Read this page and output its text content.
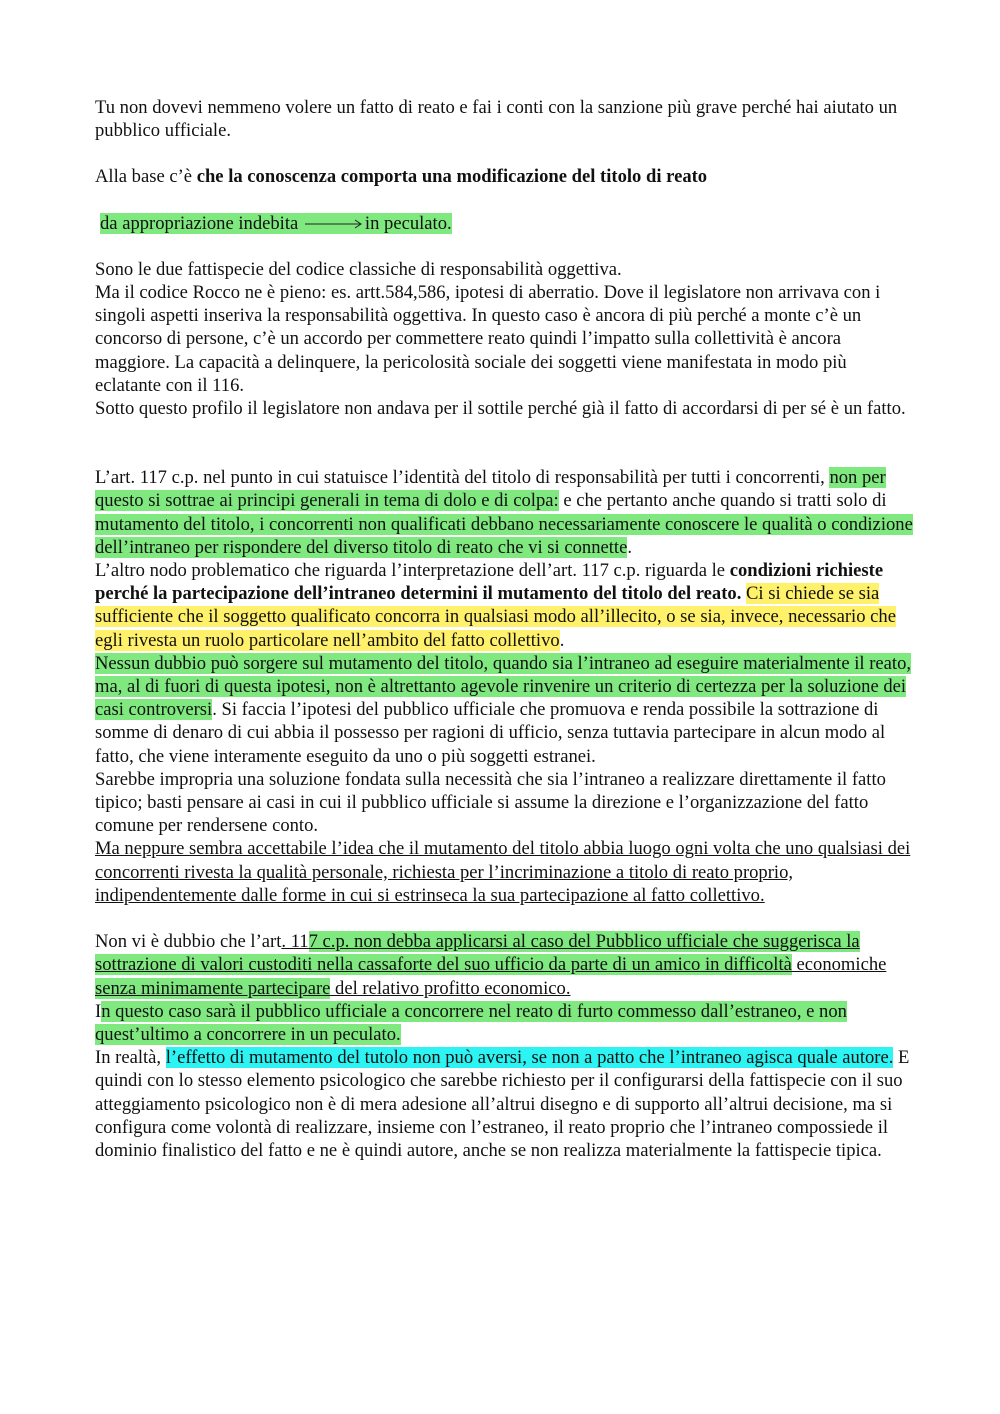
Tu non dovevi nemmeno volere un fatto di reato e fai i conti con la sanzione più grave perché hai aiutato un pubblico ufficiale.

Alla base c’è che la conoscenza comporta una modificazione del titolo di reato

da appropriazione indebita	in peculato.

Sono le due fattispecie del codice classiche di responsabilità oggettiva.

Ma il codice Rocco ne è pieno: es. artt.584,586, ipotesi di aberratio. Dove il legislatore non arrivava con i singoli aspetti inseriva la responsabilità oggettiva. In questo caso è ancora di più perché a monte c’è un concorso di persone, c’è un accordo per commettere reato quindi l’impatto sulla collettività è ancora maggiore. La capacità a delinquere, la pericolosità sociale dei soggetti viene manifestata in modo più eclatante con il 116.

Sotto questo profilo il legislatore non andava per il sottile perché già il fatto di accordarsi di per sé è un fatto.

L’art. 117 c.p. nel punto in cui statuisce l’identità del titolo di responsabilità per tutti i concorrenti, non per questo si sottrae ai principi generali in tema di dolo e di colpa: e che pertanto anche quando si tratti solo di mutamento del titolo, i concorrenti non qualificati debbano necessariamente conoscere le qualità o condizione dell’intraneo per rispondere del diverso titolo di reato che vi si connette.

L’altro nodo problematico che riguarda l’interpretazione dell’art. 117 c.p. riguarda le condizioni richieste perché la partecipazione dell’intraneo determini il mutamento del titolo del reato. Ci si chiede se sia sufficiente che il soggetto qualificato concorra in qualsiasi modo all’illecito, o se sia, invece, necessario che egli rivesta un ruolo particolare nell’ambito del fatto collettivo.

Nessun dubbio può sorgere sul mutamento del titolo, quando sia l’intraneo ad eseguire materialmente il reato, ma, al di fuori di questa ipotesi, non è altrettanto agevole rinvenire un criterio di certezza per la soluzione dei casi controversi. Si faccia l’ipotesi del pubblico ufficiale che promuova e renda possibile la sottrazione di somme di denaro di cui abbia il possesso per ragioni di ufficio, senza tuttavia partecipare in alcun modo al fatto, che viene interamente eseguito da uno o più soggetti estranei.

Sarebbe impropria una soluzione fondata sulla necessità che sia l’intraneo a realizzare direttamente il fatto tipico; basti pensare ai casi in cui il pubblico ufficiale si assume la direzione e l’organizzazione del fatto comune per rendersene conto.

Ma neppure sembra accettabile l’idea che il mutamento del titolo abbia luogo ogni volta che uno qualsiasi dei concorrenti rivesta la qualità personale, richiesta per l’incriminazione a titolo di reato proprio, indipendentemente dalle forme in cui si estrinseca la sua partecipazione al fatto collettivo.

Non vi è dubbio che l’art. 117 c.p. non debba applicarsi al caso del Pubblico ufficiale che suggerisca la sottrazione di valori custoditi nella cassaforte del suo ufficio da parte di un amico in difficoltà economiche senza minimamente partecipare del relativo profitto economico.

In questo caso sarà il pubblico ufficiale a concorrere nel reato di furto commesso dall’estraneo, e non quest’ultimo a concorrere in un peculato.

In realtà, l’effetto di mutamento del tutolo non può aversi, se non a patto che l’intraneo agisca quale autore. E quindi con lo stesso elemento psicologico che sarebbe richiesto per il configurarsi della fattispecie con il suo atteggiamento psicologico non è di mera adesione all’altrui disegno e di supporto all’altrui decisione, ma si configura come volontà di realizzare, insieme con l’estraneo, il reato proprio che l’intraneo compossiede il dominio finalistico del fatto e ne è quindi autore, anche se non realizza materialmente la fattispecie tipica.
